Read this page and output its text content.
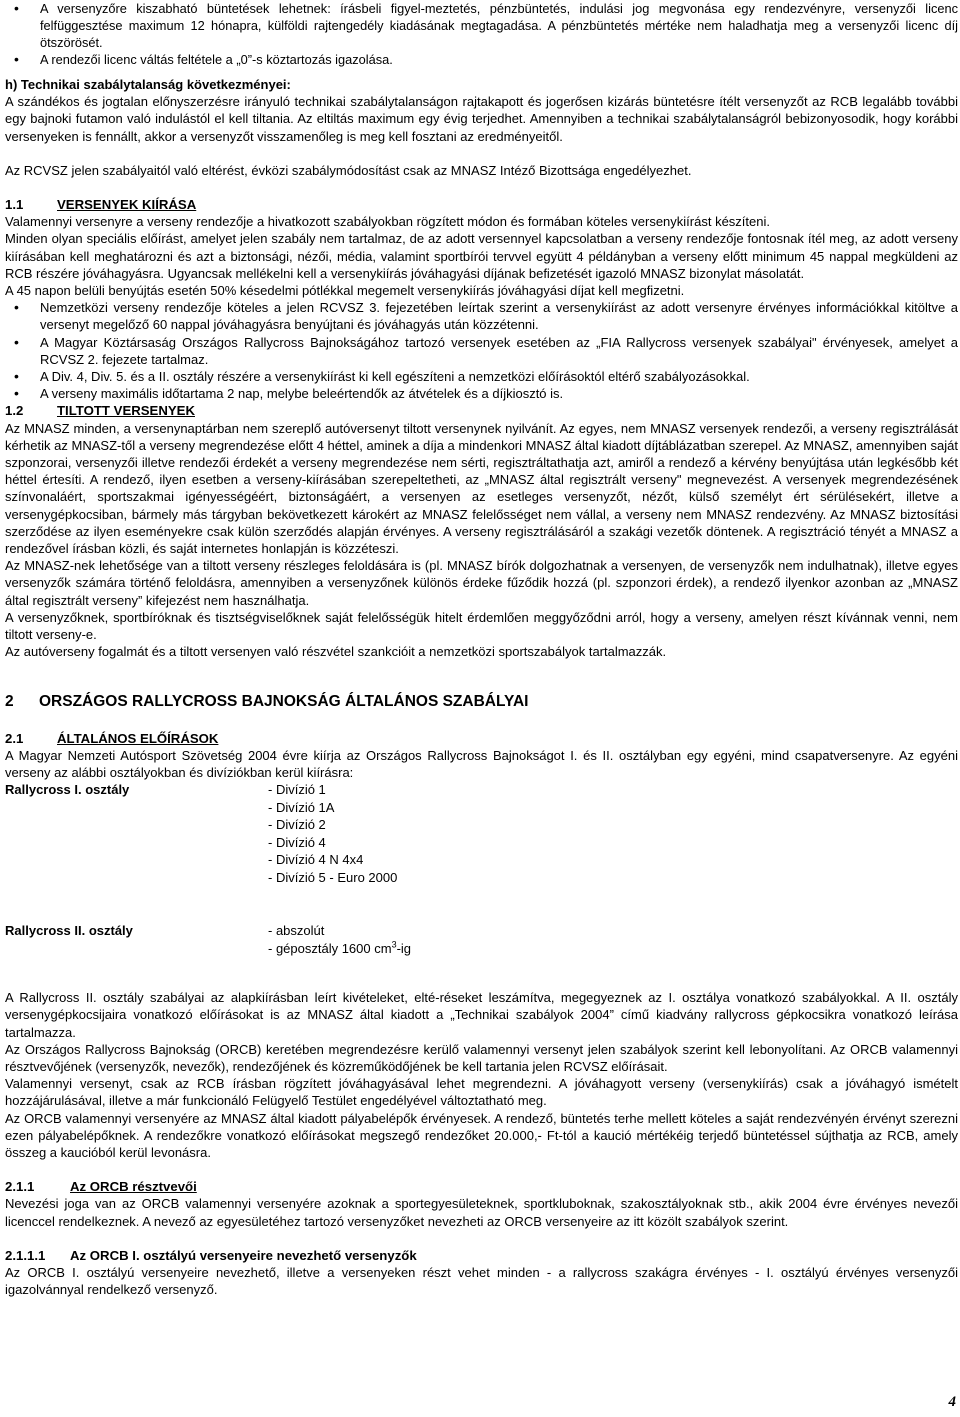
• A versenyzőre kiszabható büntetések lehetnek: írásbeli figyel-meztetés, pénzbüntetés, indulási jog megvonása egy rendezvényre, versenyzői licenc felfüggesztése maximum 12 hónapra, külföldi rajtengedély kiadásának megtagadása. A pénzbüntetés mértéke nem haladhatja meg a versenyzői licenc díj ötszörösét.
• A rendezői licenc váltás feltétele a „0”-s köztartozás igazolása.

h) Technikai szabálytalanság következményei:

A szándékos és jogtalan előnyszerzésre irányuló technikai szabálytalanságon rajtakapott és jogerősen kizárás büntetésre ítélt versenyzőt az RCB legalább további egy bajnoki futamon való indulástól el kell tiltania. Az eltiltás maximum egy évig terjedhet. Amennyiben a technikai szabálytalanságról bebizonyosodik, hogy korábbi versenyeken is fennállt, akkor a versenyzőt visszamenőleg is meg kell fosztani az eredményeitől.

Az RCVSZ jelen szabályaitól való eltérést, évközi szabálymódosítást csak az MNASZ Intéző Bizottsága engedélyezhet.

1.1	VERSENYEK KIÍRÁSA

Valamennyi versenyre a verseny rendezője a hivatkozott szabályokban rögzített módon és formában köteles versenykiírást készíteni.

Minden olyan speciális előírást, amelyet jelen szabály nem tartalmaz, de az adott versennyel kapcsolatban a verseny rendezője fontosnak ítél meg, az adott verseny kiírásában kell meghatározni és azt a biztonsági, nézői, média, valamint sportbírói tervvel együtt 4 példányban a verseny előtt minimum 45 nappal megküldeni az RCB részére jóváhagyásra. Ugyancsak mellékelni kell a versenykiírás jóváhagyási díjának befizetését igazoló MNASZ bizonylat másolatát.

A 45 napon belüli benyújtás esetén 50% késedelmi pótlékkal megemelt versenykiírás jóváhagyási díjat kell megfizetni.

• Nemzetközi verseny rendezője köteles a jelen RCVSZ 3. fejezetében leírtak szerint a versenykiírást az adott versenyre érvényes információkkal kitöltve a versenyt megelőző 60 nappal jóváhagyásra benyújtani és jóváhagyás után közzétenni.
• A Magyar Köztársaság Országos Rallycross Bajnokságához tartozó versenyek esetében az „FIA Rallycross versenyek szabályai" érvényesek, amelyet a RCVSZ 2. fejezete tartalmaz.
• A Div. 4, Div. 5. és a II. osztály részére a versenykiírást ki kell egészíteni a nemzetközi előírásoktól eltérő szabályozásokkal.
• A verseny maximális időtartama 2 nap, melybe beleértendők az átvételek és a díjkiosztó is.
1.2	TILTOTT VERSENYEK

Az MNASZ minden, a versenynaptárban nem szereplő autóversenyt tiltott versenynek nyilvánít. Az egyes, nem MNASZ versenyek rendezői, a verseny regisztrálását kérhetik az MNASZ-től a verseny megrendezése előtt 4 héttel, aminek a díja a mindenkori MNASZ által kiadott díjtáblázatban szerepel. Az MNASZ, amennyiben saját szponzorai, versenyzői illetve rendezői érdekét a verseny megrendezése nem sérti, regisztráltathatja azt, amiről a rendező a kérvény benyújtása után legkésőbb két héttel értesíti. A rendező, ilyen esetben a verseny-kiírásában szerepeltetheti, az „MNASZ által regisztrált verseny" megnevezést. A versenyek megrendezésének színvonaláért, sportszakmai igényességéért, biztonságáért, a versenyen az esetleges versenyzőt, nézőt, külső személyt ért sérülésekért, illetve a versenygépkocsiban, bármely más tárgyban bekövetkezett károkért az MNASZ felelősséget nem vállal, a verseny nem MNASZ rendezvény. Az MNASZ biztosítási szerződése az ilyen eseményekre csak külön szerződés alapján érvényes. A verseny regisztrálásáról a szakági vezetők döntenek. A regisztráció tényét a MNASZ a rendezővel írásban közli, és saját internetes honlapján is közzéteszi.

Az MNASZ-nek lehetősége van a tiltott verseny részleges feloldására is (pl. MNASZ bírók dolgozhatnak a versenyen, de versenyzők nem indulhatnak), illetve egyes versenyzők számára történő feloldásra, amennyiben a versenyzőnek különös érdeke fűződik hozzá (pl. szponzori érdek), a rendező ilyenkor azonban az „MNASZ által regisztrált verseny” kifejezést nem használhatja.

A versenyzőknek, sportbíróknak és tisztségviselőknek saját felelősségük hitelt érdemlően meggyőződni arról, hogy a verseny, amelyen részt kívánnak venni, nem tiltott verseny-e.

Az autóverseny fogalmát és a tiltott versenyen való részvétel szankcióit a nemzetközi sportszabályok tartalmazzák.

2 ORSZÁGOS RALLYCROSS BAJNOKSÁG ÁLTALÁNOS SZABÁLYAI
2.1	ÁLTALÁNOS ELŐÍRÁSOK

A Magyar Nemzeti Autósport Szövetség 2004 évre kiírja az Országos Rallycross Bajnokságot I. és II. osztályban egy egyéni, mind csapatversenyre. Az egyéni verseny az alábbi osztályokban és divíziókban kerül kiírásra:

Rallycross I. osztály	- Divízió 1
- Divízió 1A
- Divízió 2
- Divízió 4
- Divízió 4 N 4x4
- Divízió 5 - Euro 2000
Rallycross II. osztály	- abszolút
- géposztály 1600 $cm^3-ig$

A Rallycross II. osztály szabályai az alapkiírásban leírt kivételeket, elté-réseket leszámítva, megegyeznek az I. osztálya vonatkozó szabályokkal. A II. osztály versenygépkocsijaira vonatkozó előírásokat is az MNASZ által kiadott a „Technikai szabályok 2004” című kiadvány rallycross gépkocsikra vonatkozó leírása tartalmazza.

Az Országos Rallycross Bajnokság (ORCB) keretében megrendezésre kerülő valamennyi versenyt jelen szabályok szerint kell lebonyolítani. Az ORCB valamennyi résztvevőjének (versenyzők, nevezők), rendezőjének és közreműködőjének be kell tartania jelen RCVSZ előírásait.

Valamennyi versenyt, csak az RCB írásban rögzített jóváhagyásával lehet megrendezni. A jóváhagyott verseny (versenykiírás) csak a jóváhagyó ismételt hozzájárulásával, illetve a már funkcionáló Felügyelő Testület engedélyével változtatható meg.

Az ORCB valamennyi versenyére az MNASZ által kiadott pályabelépők érvényesek. A rendező, büntetés terhe mellett köteles a saját rendezvényén érvényt szerezni ezen pályabelépőknek. A rendezőkre vonatkozó előírásokat megszegő rendezőket 20.000,- Ft-tól a kaució mértékéig terjedő büntetéssel sújthatja az RCB, amely összeg a kaucióból kerül levonásra.

2.1.1	Az ORCB résztvevői

Nevezési joga van az ORCB valamennyi versenyére azoknak a sportegyesületeknek, sportkluboknak, szakosztályoknak stb., akik 2004 évre érvényes nevezői licenccel rendelkeznek. A nevező az egyesületéhez tartozó versenyzőket nevezheti az ORCB versenyeire az itt közölt szabályok szerint.

2.1.1.1 Az ORCB I. osztályú versenyeire nevezhető versenyzők

Az ORCB I. osztályú versenyeire nevezhető, illetve a versenyeken részt vehet minden - a rallycross szakágra érvényes - I. osztályú érvényes versenyzői igazolvánnyal rendelkező versenyző.

4
